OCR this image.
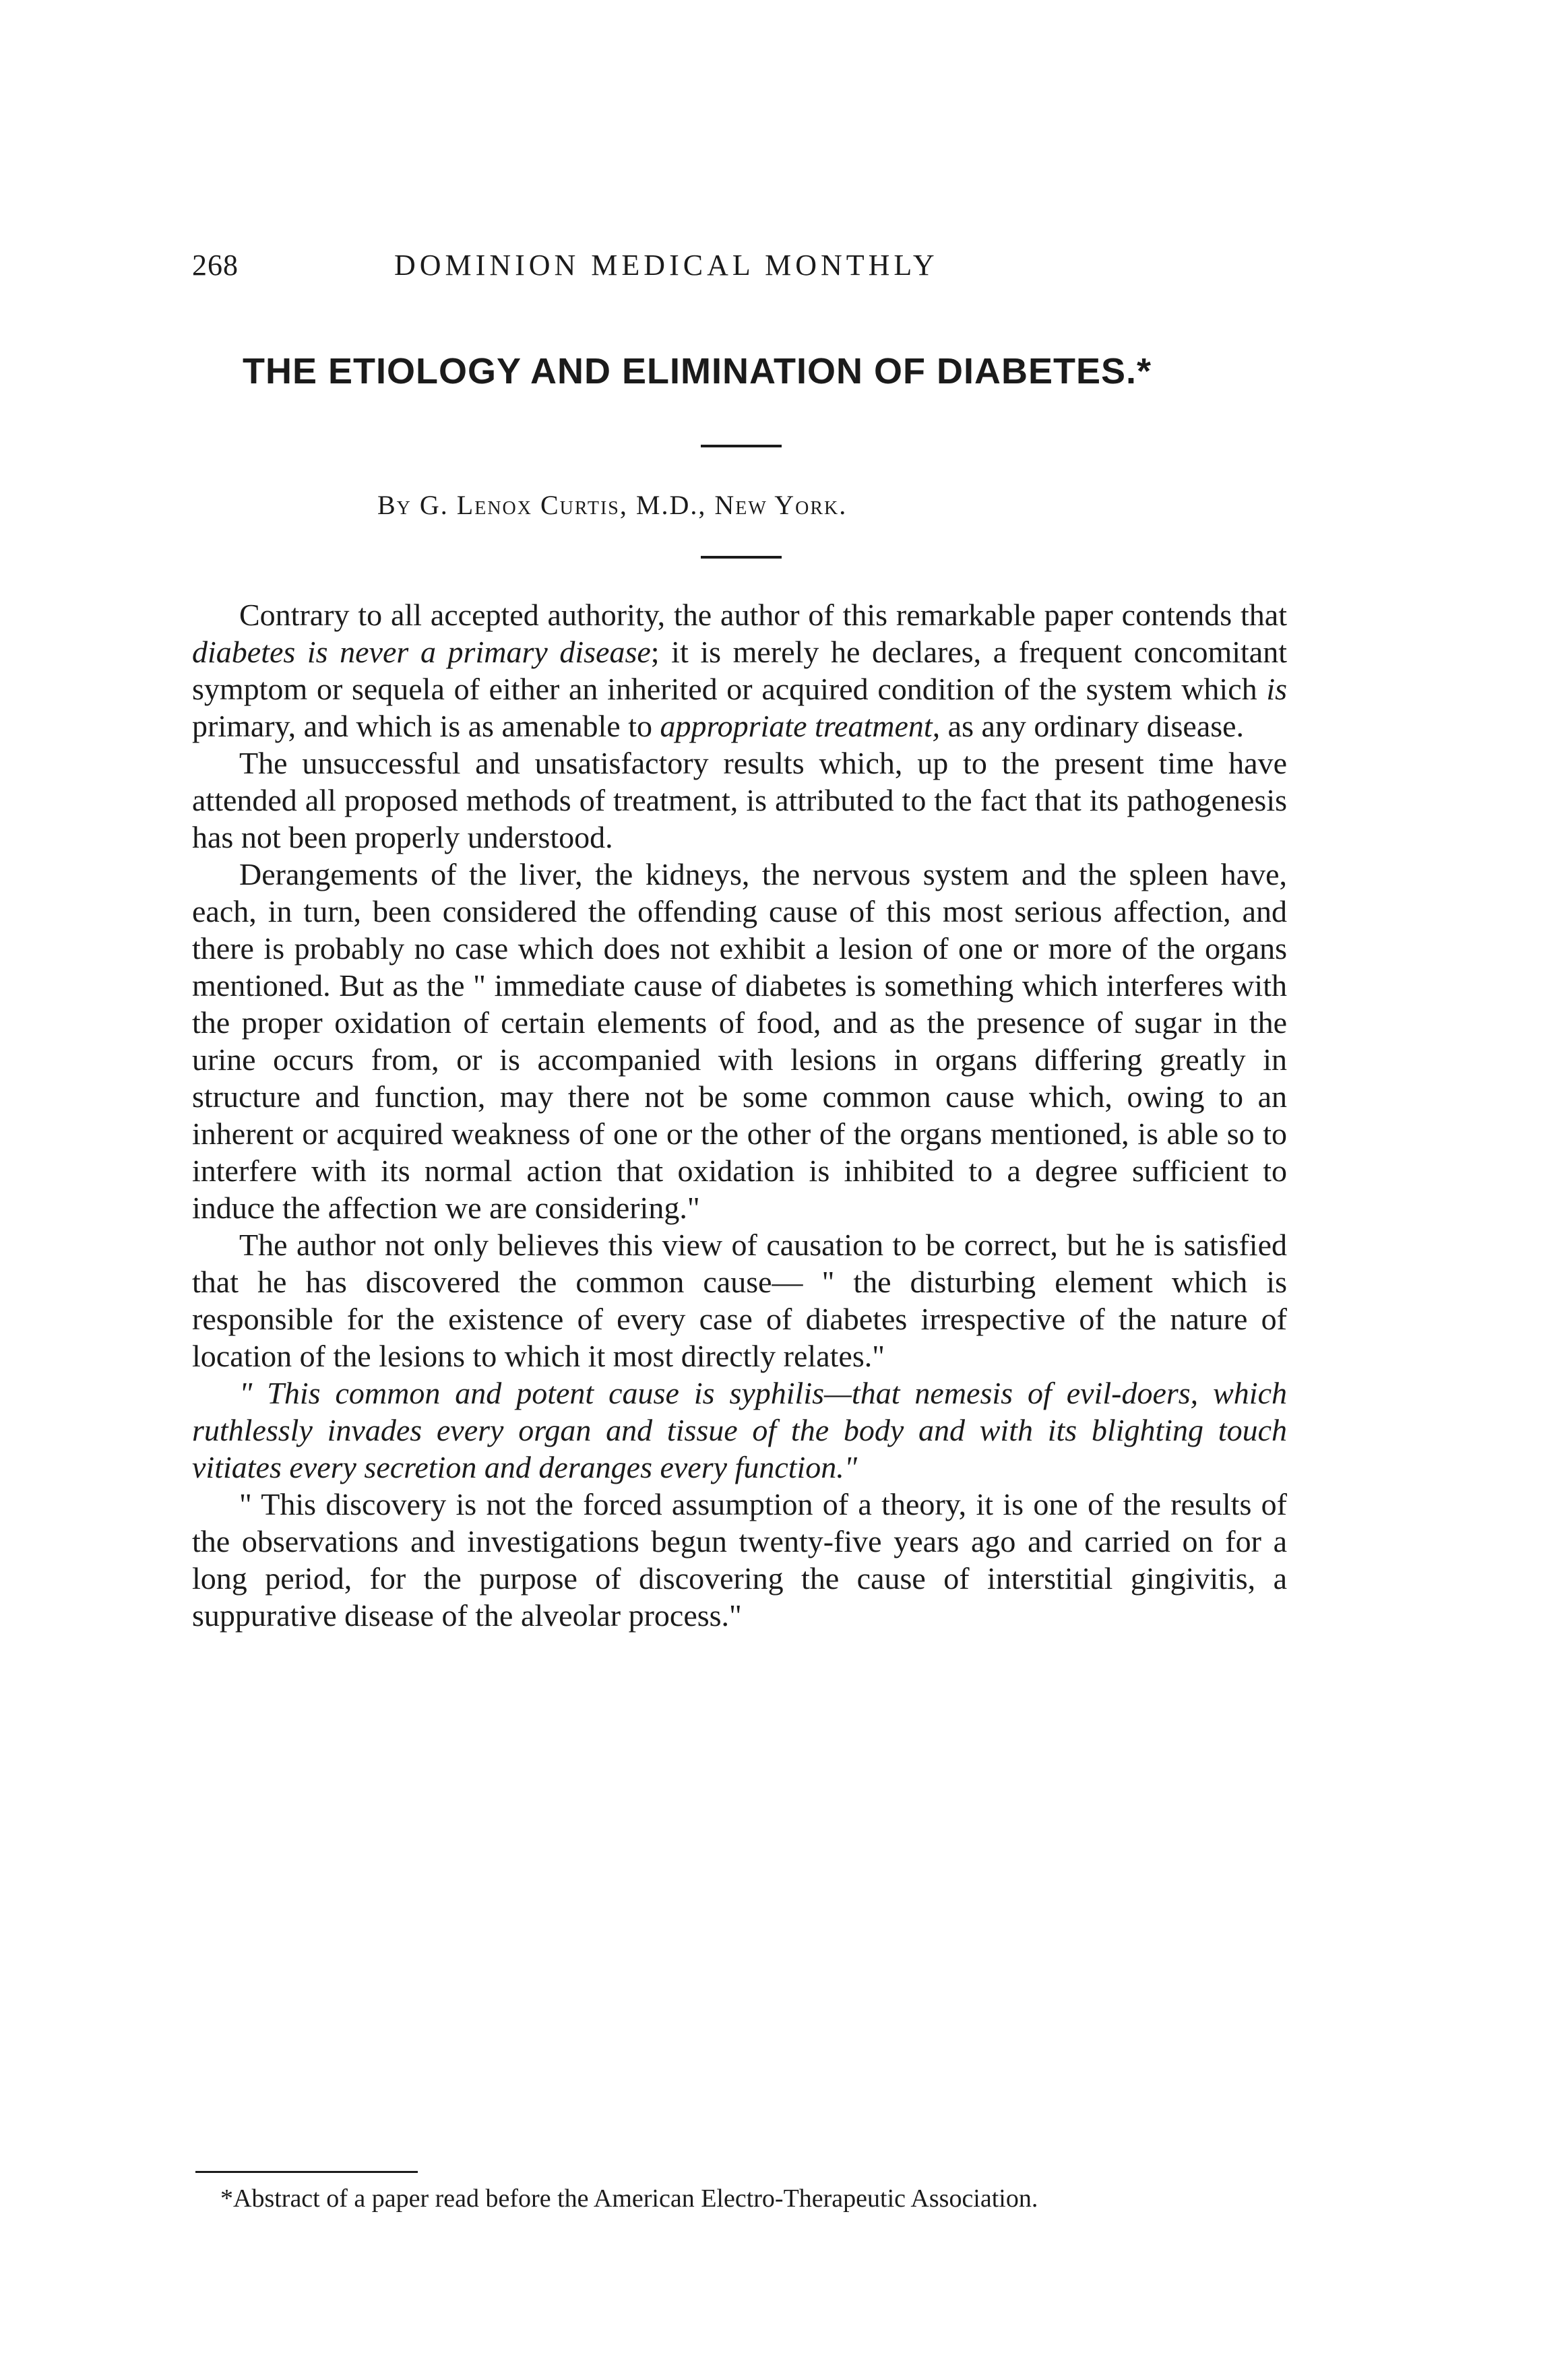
268	DOMINION MEDICAL MONTHLY
THE ETIOLOGY AND ELIMINATION OF DIABETES.*
By G. Lenox Curtis, M.D., New York.

Contrary to all accepted authority, the author of this remarkable paper contends that diabetes is never a primary disease; it is merely he declares, a frequent concomitant symptom or sequela of either an inherited or acquired condition of the system which is primary, and which is as amenable to appropriate treatment, as any ordinary disease.

The unsuccessful and unsatisfactory results which, up to the present time have attended all proposed methods of treatment, is attributed to the fact that its pathogenesis has not been properly understood.

Derangements of the liver, the kidneys, the nervous system and the spleen have, each, in turn, been considered the offending cause of this most serious affection, and there is probably no case which does not exhibit a lesion of one or more of the organs mentioned. But as the " immediate cause of diabetes is something which interferes with the proper oxidation of certain elements of food, and as the presence of sugar in the urine occurs from, or is accompanied with lesions in organs differing greatly in structure and function, may there not be some common cause which, owing to an inherent or acquired weakness of one or the other of the organs mentioned, is able so to interfere with its normal action that oxidation is inhibited to a degree sufficient to induce the affection we are considering."

The author not only believes this view of causation to be correct, but he is satisfied that he has discovered the common cause— " the disturbing element which is responsible for the existence of every case of diabetes irrespective of the nature of location of the lesions to which it most directly relates."

" This common and potent cause is syphilis—that nemesis of evil-doers, which ruthlessly invades every organ and tissue of the body and with its blighting touch vitiates every secretion and deranges every function."

" This discovery is not the forced assumption of a theory, it is one of the results of the observations and investigations begun twenty-five years ago and carried on for a long period, for the purpose of discovering the cause of interstitial gingivitis, a suppurative disease of the alveolar process."

*Abstract of a paper read before the American Electro-Therapeutic Association.
